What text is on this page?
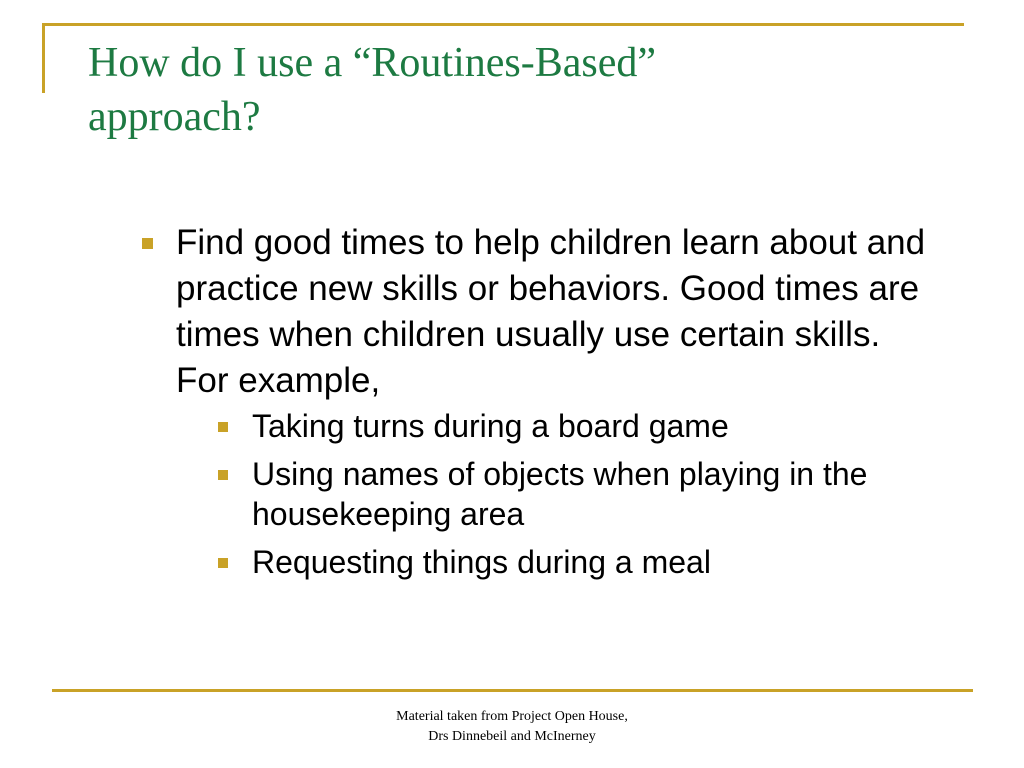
How do I use a “Routines-Based”
approach?
Find good times to help children learn about and practice new skills or behaviors. Good times are times when children usually use certain skills. For example,
Taking turns during a board game
Using names of objects when playing in the housekeeping area
Requesting things during a meal
Material taken from Project Open House,
Drs Dinnebeil and McInerney
